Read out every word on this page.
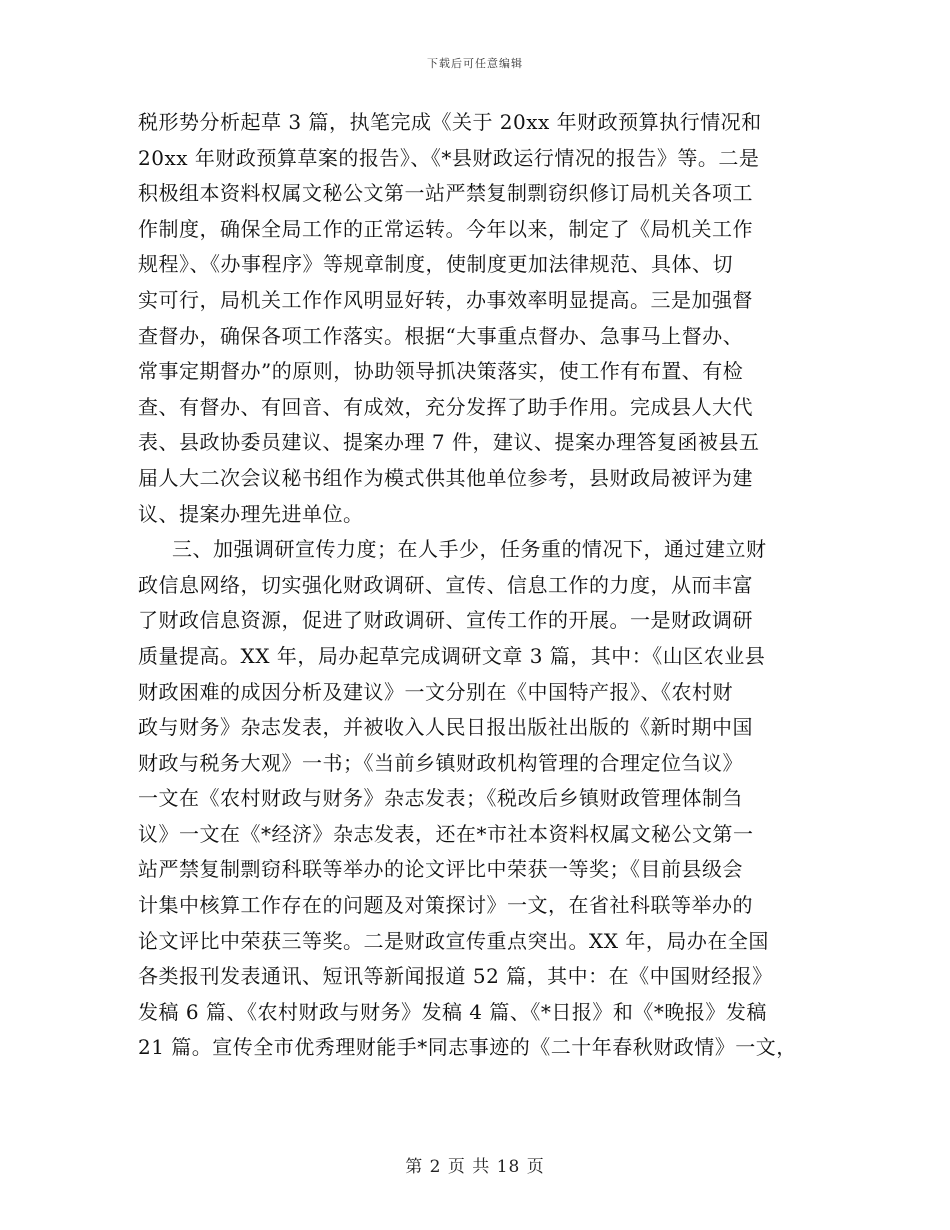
下载后可任意编辑
税形势分析起草 3 篇，执笔完成《关于 20xx 年财政预算执行情况和
20xx 年财政预算草案的报告》、《*县财政运行情况的报告》等。二是
积极组本资料权属文秘公文第一站严禁复制剽窃织修订局机关各项工
作制度，确保全局工作的正常运转。今年以来，制定了《局机关工作
规程》、《办事程序》等规章制度，使制度更加法律规范、具体、切
实可行，局机关工作作风明显好转，办事效率明显提高。三是加强督
查督办，确保各项工作落实。根据“大事重点督办、急事马上督办、
常事定期督办”的原则，协助领导抓决策落实，使工作有布置、有检
查、有督办、有回音、有成效，充分发挥了助手作用。完成县人大代
表、县政协委员建议、提案办理 7 件，建议、提案办理答复函被县五
届人大二次会议秘书组作为模式供其他单位参考，县财政局被评为建
议、提案办理先进单位。
三、加强调研宣传力度；在人手少，任务重的情况下，通过建立财
政信息网络，切实强化财政调研、宣传、信息工作的力度，从而丰富
了财政信息资源，促进了财政调研、宣传工作的开展。一是财政调研
质量提高。XX 年，局办起草完成调研文章 3 篇，其中：《山区农业县
财政困难的成因分析及建议》一文分别在《中国特产报》、《农村财
政与财务》杂志发表，并被收入人民日报出版社出版的《新时期中国
财政与税务大观》一书；《当前乡镇财政机构管理的合理定位刍议》
一文在《农村财政与财务》杂志发表；《税改后乡镇财政管理体制刍
议》一文在《*经济》杂志发表，还在*市社本资料权属文秘公文第一
站严禁复制剽窃科联等举办的论文评比中荣获一等奖；《目前县级会
计集中核算工作存在的问题及对策探讨》一文，在省社科联等举办的
论文评比中荣获三等奖。二是财政宣传重点突出。XX 年，局办在全国
各类报刊发表通讯、短讯等新闻报道 52 篇，其中：在《中国财经报》
发稿 6 篇、《农村财政与财务》发稿 4 篇、《*日报》和《*晚报》发稿
21 篇。宣传全市优秀理财能手*同志事迹的《二十年春秋财政情》一文，
第 2 页 共 18 页
